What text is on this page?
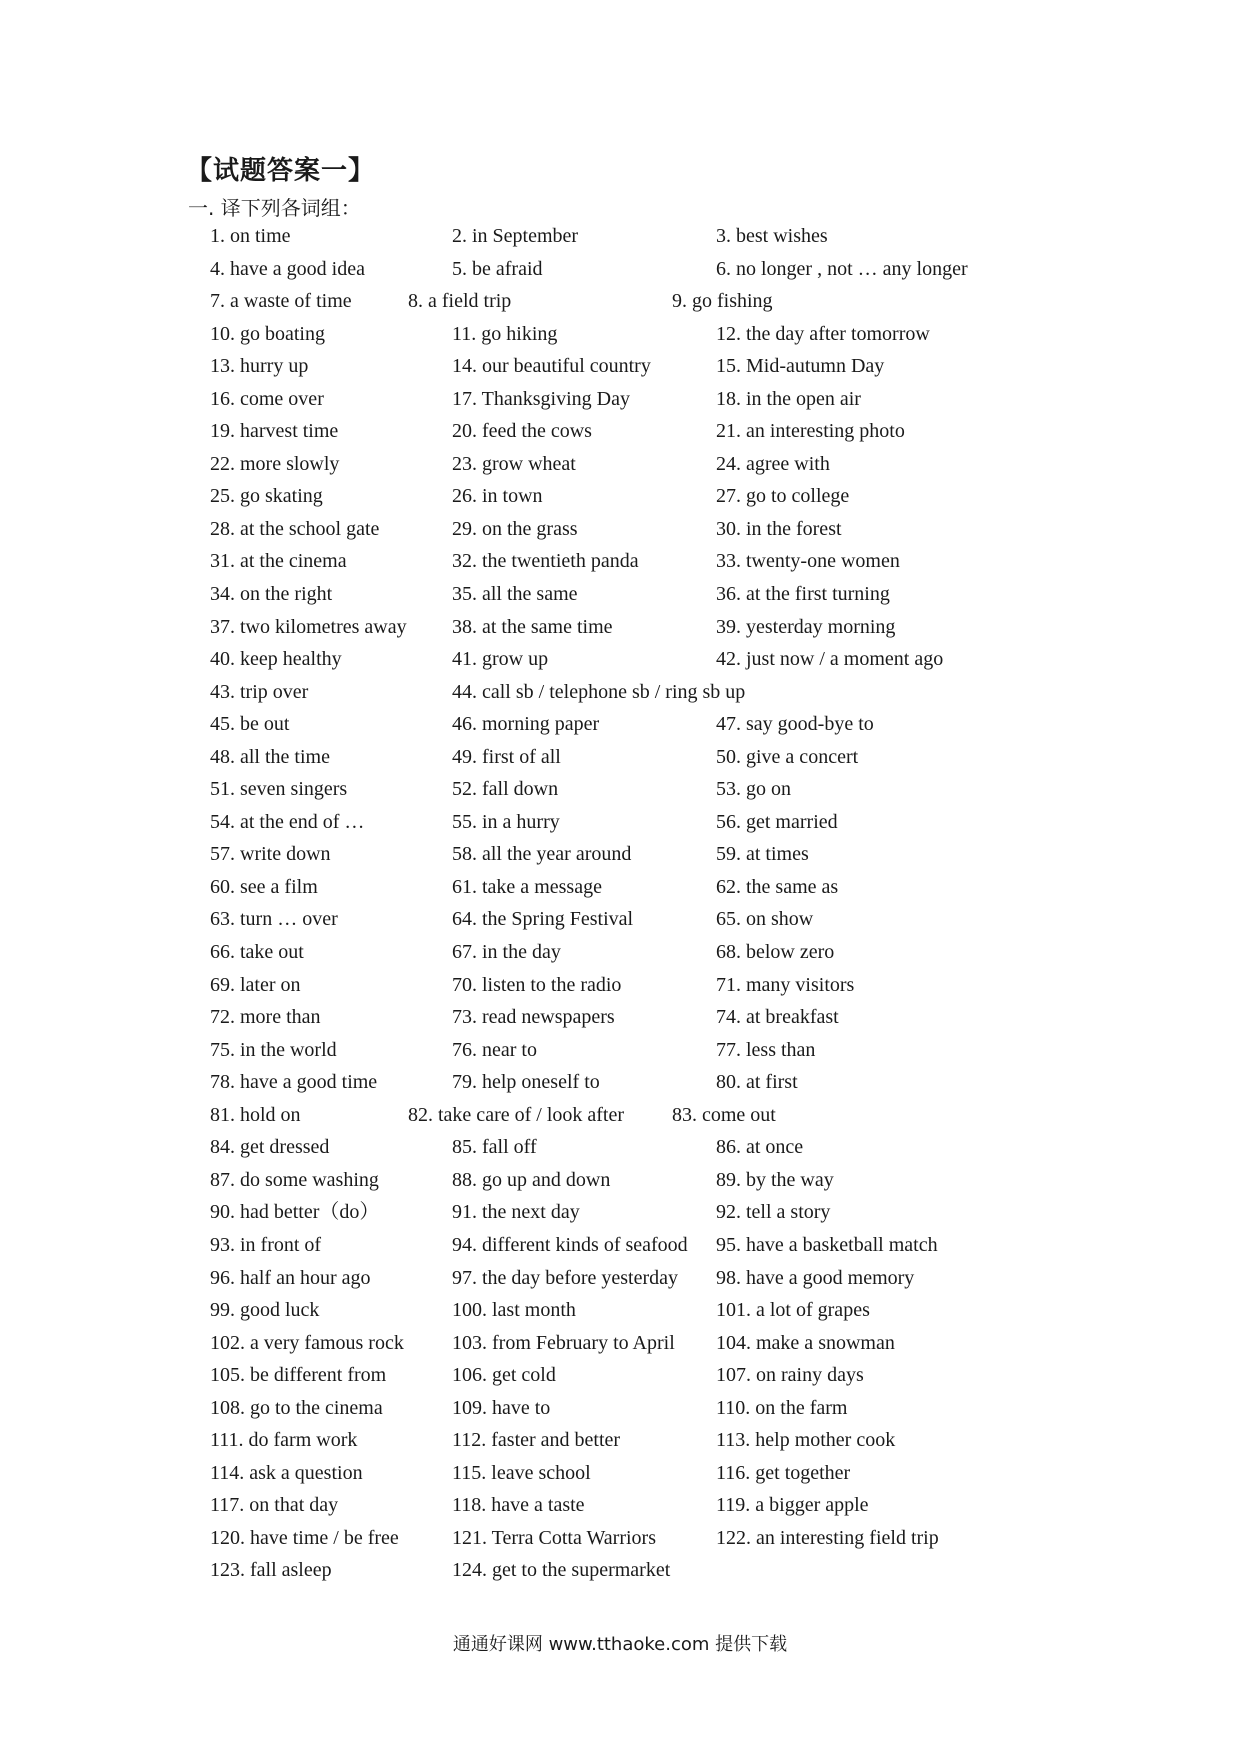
【试题答案一】
一. 译下列各词组：
1. on time	2. in September	3. best wishes
4. have a good idea	5. be afraid	6. no longer , not … any longer
7. a waste of time	8. a field trip	9. go fishing
10. go boating	11. go hiking	12. the day after tomorrow
13. hurry up	14. our beautiful country	15. Mid-autumn Day
16. come over	17. Thanksgiving Day	18. in the open air
19. harvest time	20. feed the cows	21. an interesting photo
22. more slowly	23. grow wheat	24. agree with
25. go skating	26. in town	27. go to college
28. at the school gate	29. on the grass	30. in the forest
31. at the cinema	32. the twentieth panda	33. twenty-one women
34. on the right	35. all the same	36. at the first turning
37. two kilometres away 38. at the same time	39. yesterday morning
40. keep healthy	41. grow up	42. just now / a moment ago
43. trip over	44. call sb / telephone sb / ring sb up
45. be out	46. morning paper	47. say good-bye to
48. all the time	49. first of all	50. give a concert
51. seven singers	52. fall down	53. go on
54. at the end of …	55. in a hurry	56. get married
57. write down	58. all the year around	59. at times
60. see a film	61. take a message	62. the same as
63. turn … over	64. the Spring Festival	65. on show
66. take out	67. in the day	68. below zero
69. later on	70. listen to the radio	71. many visitors
72. more than	73. read newspapers	74. at breakfast
75. in the world	76. near to	77. less than
78. have a good time	79. help oneself to	80. at first
81. hold on	82. take care of / look after 83. come out
84. get dressed	85. fall off	86. at once
87. do some washing	88. go up and down	89. by the way
90. had better（do）	91. the next day	92. tell a story
93. in front of	94. different kinds of seafood 95. have a basketball match
96. half an hour ago	97. the day before yesterday 98. have a good memory
99. good luck	100. last month	101. a lot of grapes
102. a very famous rock 103. from February to April 104. make a snowman
105. be different from	106. get cold	107. on rainy days
108. go to the cinema	109. have to	110. on the farm
111. do farm work	112. faster and better	113. help mother cook
114. ask a question	115. leave school	116. get together
117. on that day	118. have a taste	119. a bigger apple
120. have time / be free	121. Terra Cotta Warriors	122. an interesting field trip
123. fall asleep	124. get to the supermarket
通通好课网 www.tthaoke.com 提供下载
